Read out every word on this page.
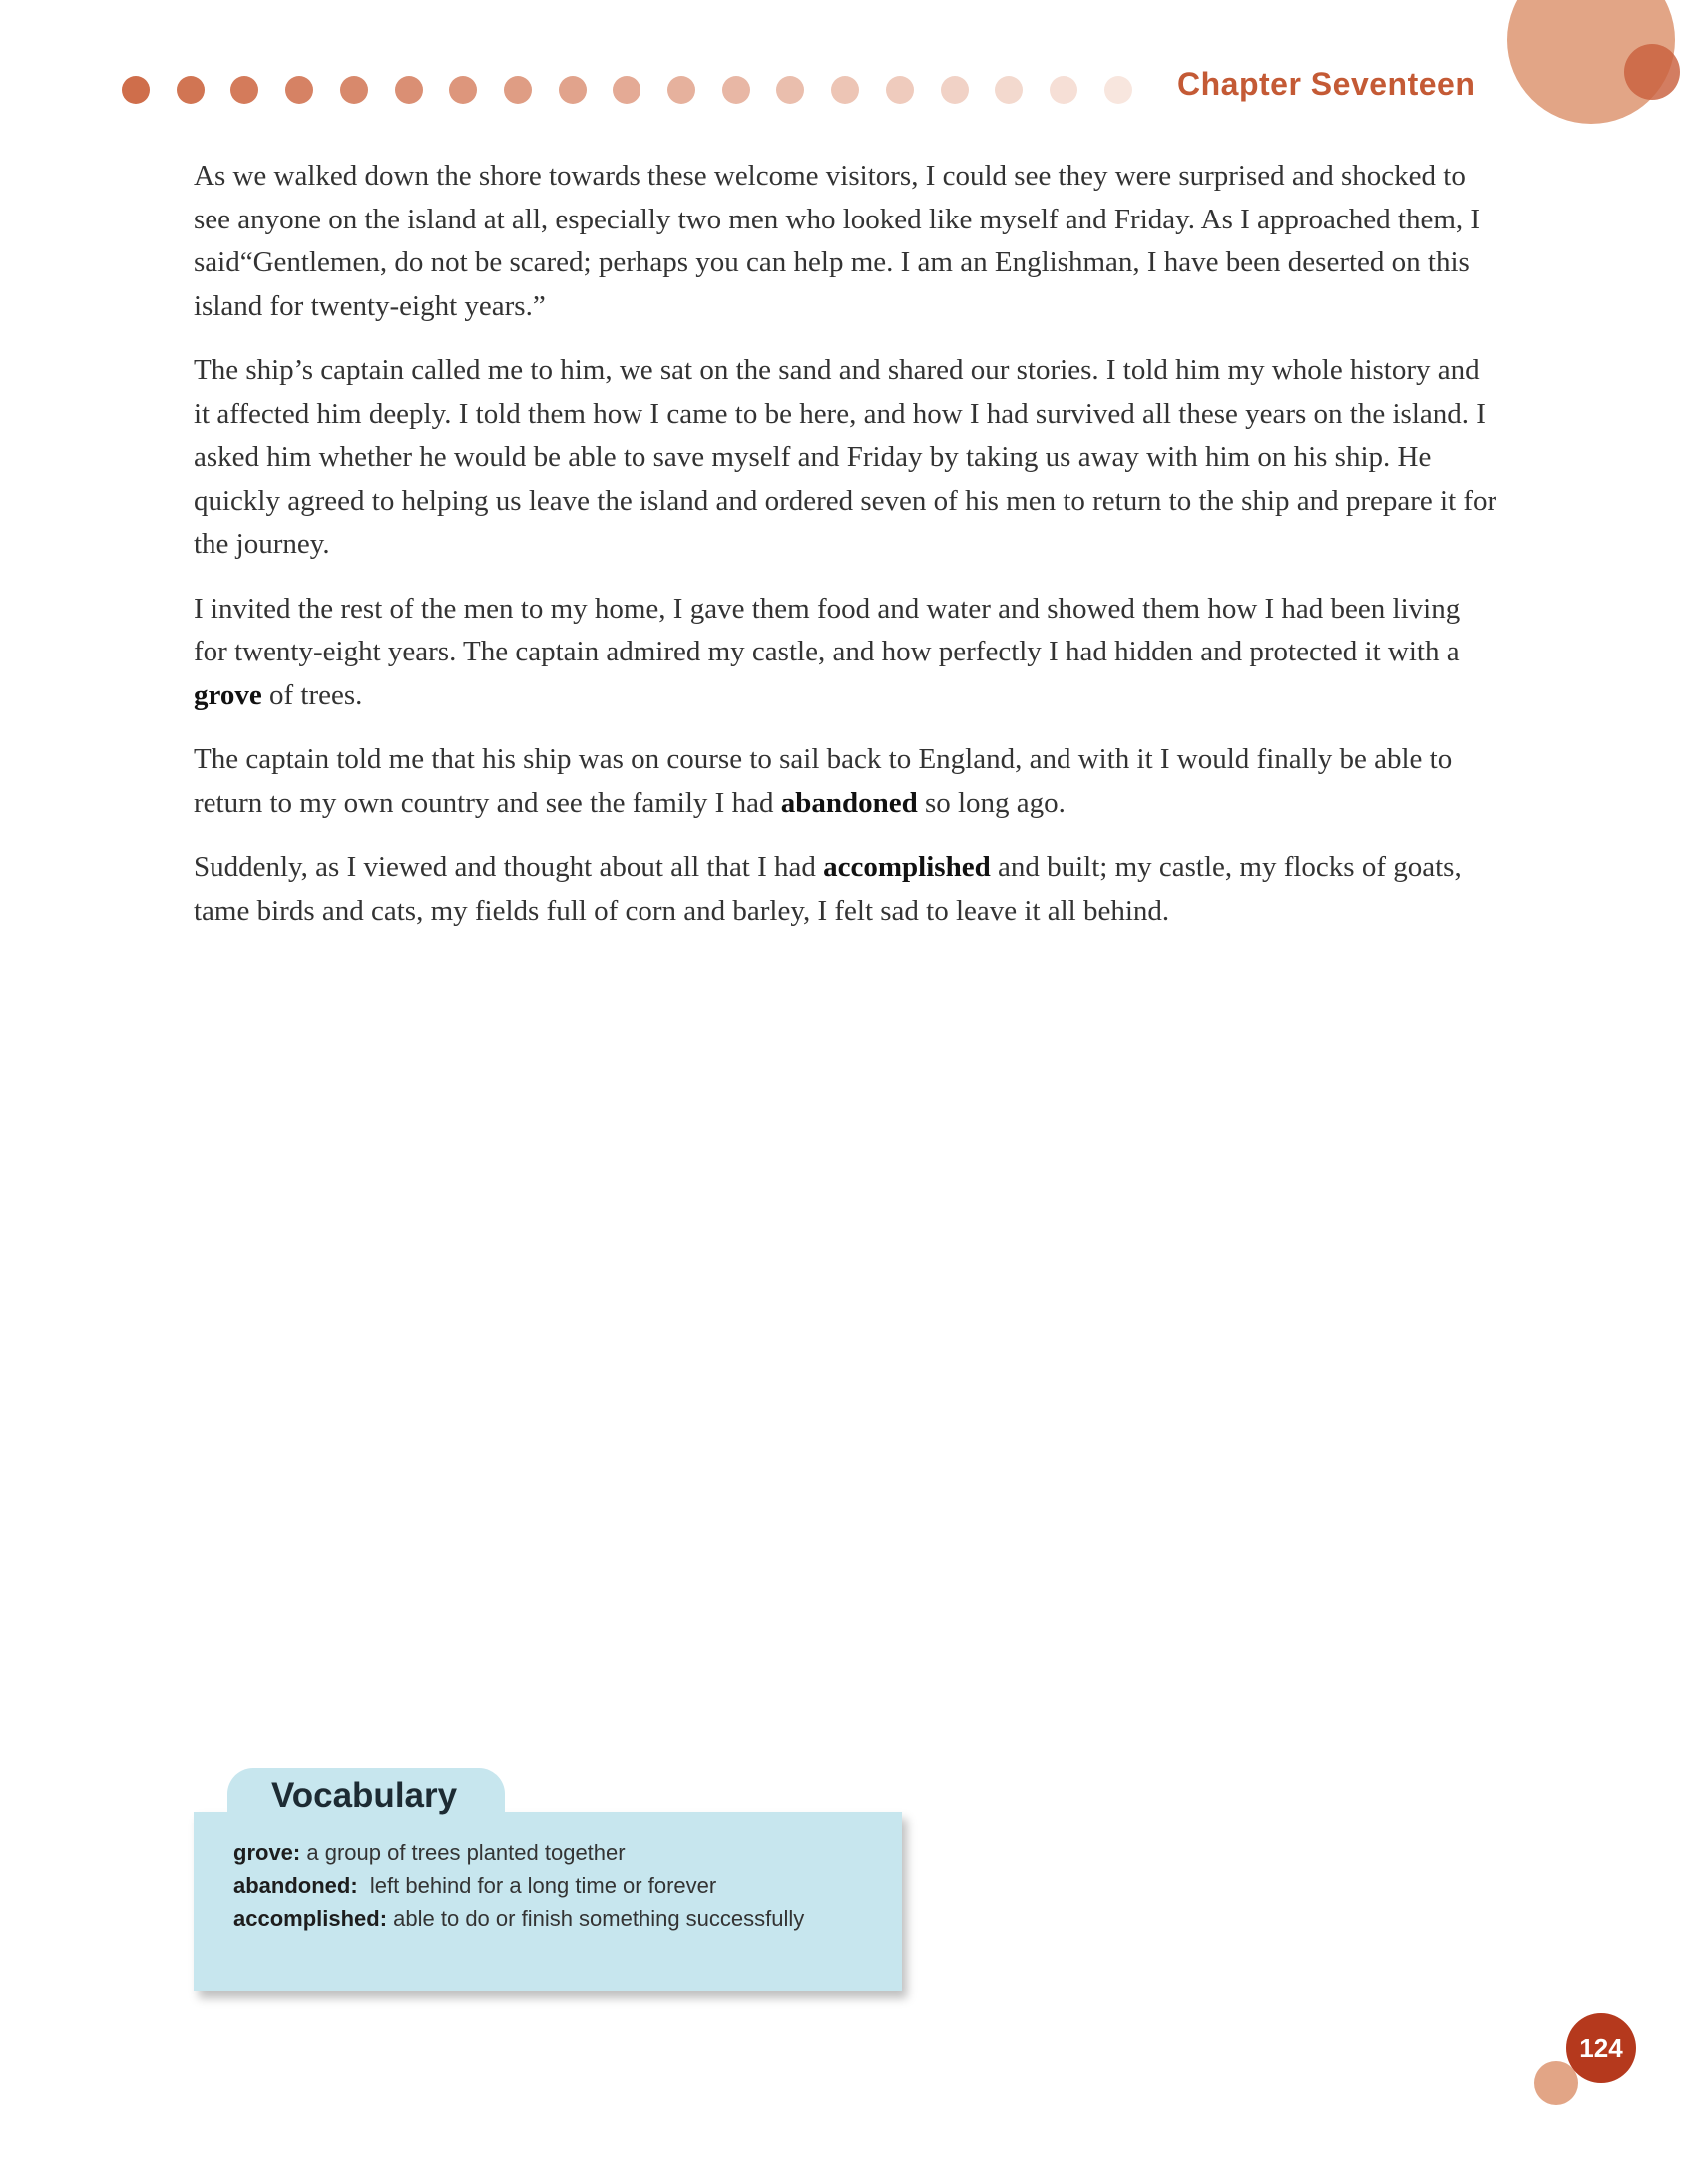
Chapter Seventeen

As we walked down the shore towards these welcome visitors, I could see they were surprised and shocked to see anyone on the island at all, especially two men who looked like myself and Friday. As I approached them, I said“Gentlemen, do not be scared; perhaps you can help me. I am an Englishman, I have been deserted on this island for twenty-eight years.”

The ship’s captain called me to him, we sat on the sand and shared our stories. I told him my whole history and it affected him deeply. I told them how I came to be here, and how I had survived all these years on the island. I asked him whether he would be able to save myself and Friday by taking us away with him on his ship. He quickly agreed to helping us leave the island and ordered seven of his men to return to the ship and prepare it for the journey.

I invited the rest of the men to my home, I gave them food and water and showed them how I had been living for twenty-eight years. The captain admired my castle, and how perfectly I had hidden and protected it with a grove of trees.

The captain told me that his ship was on course to sail back to England, and with it I would finally be able to return to my own country and see the family I had abandoned so long ago.

Suddenly, as I viewed and thought about all that I had accomplished and built; my castle, my flocks of goats, tame birds and cats, my fields full of corn and barley, I felt sad to leave it all behind.

Vocabulary
grove: a group of trees planted together
abandoned:  left behind for a long time or forever
accomplished: able to do or finish something successfully
124
